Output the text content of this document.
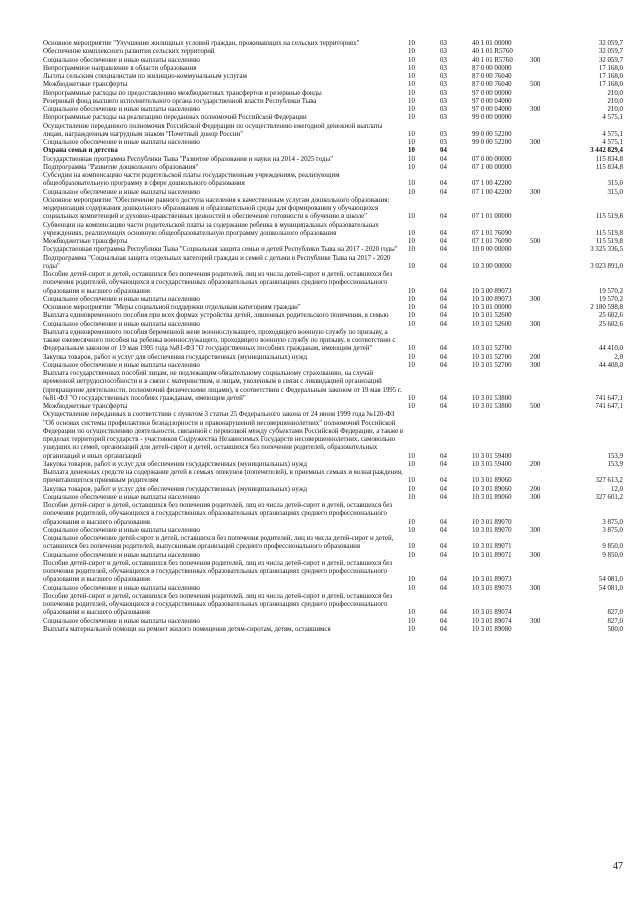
Основное мероприятие "Улучшение жилищных условий граждан, проживающих на сельских территориях"	10	03	40 1 01 00000	32 059,7
Обеспечение комплексного развития сельских территорий	10	03	40 1 01 R5760	32 059,7
Социальное обеспечение и иные выплаты населению	10	03	40 1 01 R5760	300	32 059,7
Непрограммное направление в области образования	10	03	87 0 00 00000	17 168,0
Льготы сельским специалистам по жилищно-коммунальным услугам	10	03	87 0 00 76040	17 168,0
Межбюджетные трансферты	10	03	87 0 00 76040	500	17 168,0
Непрограммные расходы по предоставлению межбюджетных трансфертов и резервные фонды	10	03	97 0 00 00000	210,0
Резервный фонд высшего исполнительного органа государственной власти Республики Тыва	10	03	97 0 00 04000	210,0
Социальное обеспечение и иные выплаты населению	10	03	97 0 00 04000	300	210,0
Непрограммные расходы на реализацию переданных полномочий Российской Федерации	10	03	99 0 00 00000	4 575,1
Осуществление переданного полномочия Российской Федерации по осуществлению ежегодной денежной выплаты лицам, награжденным нагрудным знаком "Почетный донор России"	10	03	99 0 00 52200	4 575,1
Социальное обеспечение и иные выплаты населению	10	03	99 0 00 52200	300	4 575,1
Охрана семьи и детства	10	04	3 442 829,4
Государственная программа Республики Тыва "Развитие образования и науки на 2014 - 2025 годы"	10	04	07 0 00 00000	115 834,8
Подпрограмма "Развитие дошкольного образования"	10	04	07 1 00 00000	115 834,8
Субсидии на компенсацию части родительской платы государственным учреждениям, реализующим общеобразовательную программу в сфере дошкольного образования	10	04	07 1 00 42200	315,0
Социальное обеспечение и иные выплаты населению	10	04	07 1 00 42200	300	315,0
Основное мероприятие "Обеспечение равного доступа населения к качественным услугам дошкольного образования: модернизация содержания дошкольного образования и образовательной среды для формирования у обучающихся социальных компетенций и духовно-нравственных ценностей и обеспечение готовности к обучению в школе"	10	04	07 1 01 00000	115 519,8
Субвенции на компенсацию части родительской платы за содержание ребенка в муниципальных образовательных учреждениях, реализующих основную общеобразовательную программу дошкольного образования	10	04	07 1 01 76090	115 519,8
Межбюджетные трансферты	10	04	07 1 01 76090	500	115 519,8
Государственная программа Республики Тыва "Социальная защита семьи и детей Республики Тыва на 2017 - 2020 годы"	10	04	10 0 00 00000	3 325 336,5
Подпрограмма "Социальная защита отдельных категорий граждан и семей с детьми в Республике Тыва на 2017 - 2020 годы"	10	04	10 3 00 00000	3 023 891,0
Пособие детей-сирот и детей, оставшихся без попечения родителей, лиц из числа детей-сирот и детей, оставшихся без попечения родителей, обучающихся в государственных образовательных организациях среднего профессионального образования и высшего образования	10	04	10 3 00 89073	19 570,2
Социальное обеспечение и иные выплаты населению	10	04	10 3 00 89073	300	19 570,2
Основное мероприятие "Меры социальной поддержки отдельным категориям граждан"	10	04	10 3 01 00000	2 180 598,8
Выплата единовременного пособия при всех формах устройства детей, лишенных родительского попечения, в семью	10	04	10 3 01 52600	25 602,6
Социальное обеспечение и иные выплаты населению	10	04	10 3 01 52600	300	25 602,6
Выплата единовременного пособия беременной жене военнослужащего, проходящего военную службу по призыву, а также ежемесячного пособия на ребенка военнослужащего, проходящего военную службу по призыву, в соответствии с Федеральным законом от 19 мая 1995 года №81-ФЗ "О государственных пособиях гражданам, имеющим детей"	10	04	10 3 01 52700	44 410,0
Закупка товаров, работ и услуг для обеспечения государственных (муниципальных) нужд	10	04	10 3 01 52700	200	2,0
Социальное обеспечение и иные выплаты населению	10	04	10 3 01 52700	300	44 408,0
Выплата государственных пособий лицам, не подлежащим обязательному социальному страхованию, на случай временной нетрудоспособности и в связи с материнством, и лицам, уволенным в связи с ликвидацией организаций (прекращение деятельности, полномочий физическими лицами), в соответствии с Федеральным законом от 19 мая 1995 г. №81-ФЗ "О государственных пособиях гражданам, имеющим детей"	10	04	10 3 01 53800	741 647,1
Межбюджетные трансферты	10	04	10 3 01 53800	500	741 647,1
Осуществление переданных в соответствии с пунктом 3 статьи 25 Федерального закона от 24 июня 1999 года №120-ФЗ "Об основах системы профилактики безнадзорности и правонарушений несовершеннолетних" полномочий Российской Федерации по осуществлению деятельности, связанной с перевозкой между субъектами Российской Федерации, а также в пределах территорий государств - участников Содружества Независимых Государств несовершеннолетних, самовольно ушедших из семей, организаций для детей-сирот и детей, оставшихся без попечения родителей, образовательных организаций и иных организаций	10	04	10 3 01 59400	153,9
Закупка товаров, работ и услуг для обеспечения государственных (муниципальных) нужд	10	04	10 3 01 59400	200	153,9
Выплата денежных средств на содержание детей в семьях опекунов (попечителей), в приемных семьях и вознаграждения, причитающегося приемным родителям	10	04	10 3 01 89060	327 613,2
Закупка товаров, работ и услуг для обеспечения государственных (муниципальных) нужд	10	04	10 3 01 89060	200	12,0
Социальное обеспечение и иные выплаты населению	10	04	10 3 01 89060	300	327 601,2
Пособие детей-сирот и детей, оставшихся без попечения родителей, лиц из числа детей-сирот и детей, оставшихся без попечения родителей, обучающихся в государственных образовательных организациях среднего профессионального образования и высшего образования	10	04	10 3 01 89070	3 875,0
Социальное обеспечение и иные выплаты населению	10	04	10 3 01 89070	300	3 875,0
Социальное обеспечение детей-сирот и детей, оставшихся без попечения родителей, лиц из числа детей-сирот и детей, оставшихся без попечения родителей, выпускникам организаций среднего профессионального образования	10	04	10 3 01 89071	9 850,0
Социальное обеспечение и иные выплаты населению	10	04	10 3 01 89071	300	9 850,0
Пособие детей-сирот и детей, оставшихся без попечения родителей, лиц из числа детей-сирот и детей, оставшихся без попечения родителей, обучающихся в государственных образовательных организациях среднего профессионального образования и высшего образования	10	04	10 3 01 89073	54 081,0
Социальное обеспечение и иные выплаты населению	10	04	10 3 01 89073	300	54 081,0
Пособие детей-сирот и детей, оставшихся без попечения родителей, лиц из числа детей-сирот и детей, оставшихся без попечения родителей, обучающихся в государственных образовательных организациях среднего профессионального образования и высшего образования	10	04	10 3 01 89074	827,0
Социальное обеспечение и иные выплаты населению	10	04	10 3 01 89074	300	827,0
Выплата материальной помощи на ремонт жилого помещения детям-сиротам, детям, оставшимся	10	04	10 3 01 89080	500,0
47
